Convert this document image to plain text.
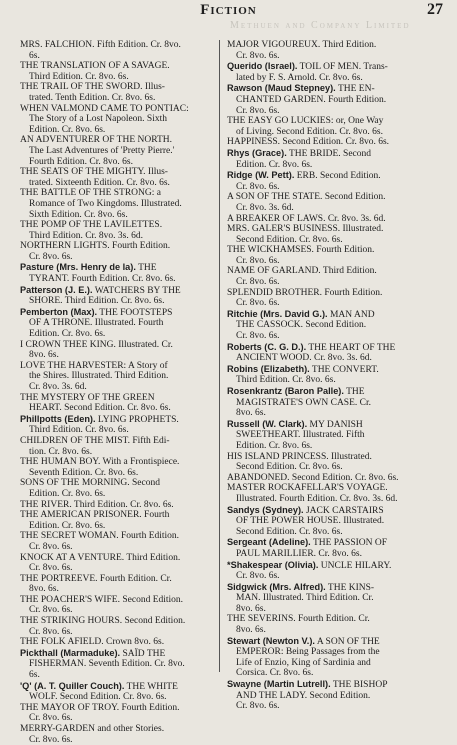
Methuen and Company Limited
Fiction	27
MRS. FALCHION. Fifth Edition. Cr. 8vo.
6s.
THE TRANSLATION OF A SAVAGE.
Third Edition. Cr. 8vo. 6s.
THE TRAIL OF THE SWORD. Illus-
trated. Tenth Edition. Cr. 8vo. 6s.
WHEN VALMOND CAME TO PONTIAC:
The Story of a Lost Napoleon. Sixth
Edition. Cr. 8vo. 6s.
AN ADVENTURER OF THE NORTH.
The Last Adventures of 'Pretty Pierre.'
Fourth Edition. Cr. 8vo. 6s.
THE SEATS OF THE MIGHTY. Illus-
trated. Sixteenth Edition. Cr. 8vo. 6s.
THE BATTLE OF THE STRONG: a
Romance of Two Kingdoms. Illustrated.
Sixth Edition. Cr. 8vo. 6s.
THE POMP OF THE LAVILETTES.
Third Edition. Cr. 8vo. 3s. 6d.
NORTHERN LIGHTS. Fourth Edition.
Cr. 8vo. 6s.
Pasture (Mrs. Henry de la). THE
TYRANT. Fourth Edition. Cr. 8vo. 6s.
Patterson (J. E.). WATCHERS BY THE
SHORE. Third Edition. Cr. 8vo. 6s.
Pemberton (Max). THE FOOTSTEPS
OF A THRONE. Illustrated. Fourth
Edition. Cr. 8vo. 6s.
I CROWN THEE KING. Illustrated. Cr.
8vo. 6s.
LOVE THE HARVESTER: A Story of
the Shires. Illustrated. Third Edition.
Cr. 8vo. 3s. 6d.
THE MYSTERY OF THE GREEN
HEART. Second Edition. Cr. 8vo. 6s.
Phillpotts (Eden). LYING PROPHETS.
Third Edition. Cr. 8vo. 6s.
CHILDREN OF THE MIST. Fifth Edi-
tion. Cr. 8vo. 6s.
THE HUMAN BOY. With a Frontispiece.
Seventh Edition. Cr. 8vo. 6s.
SONS OF THE MORNING. Second
Edition. Cr. 8vo. 6s.
THE RIVER. Third Edition. Cr. 8vo. 6s.
THE AMERICAN PRISONER. Fourth
Edition. Cr. 8vo. 6s.
THE SECRET WOMAN. Fourth Edition.
Cr. 8vo. 6s.
KNOCK AT A VENTURE. Third Edition.
Cr. 8vo. 6s.
THE PORTREEVE. Fourth Edition. Cr.
8vo. 6s.
THE POACHER'S WIFE. Second Edition.
Cr. 8vo. 6s.
THE STRIKING HOURS. Second Edition.
Cr. 8vo. 6s.
THE FOLK AFIELD. Crown 8vo. 6s.
Pickthall (Marmaduke). SAÏD THE
FISHERMAN. Seventh Edition. Cr. 8vo.
6s.
'Q' (A. T. Quiller Couch). THE WHITE
WOLF. Second Edition. Cr. 8vo. 6s.
THE MAYOR OF TROY. Fourth Edition.
Cr. 8vo. 6s.
MERRY-GARDEN and other Stories.
Cr. 8vo. 6s.
MAJOR VIGOUREUX. Third Edition.
Cr. 8vo. 6s.
Querido (Israel). TOIL OF MEN. Trans-
lated by F. S. Arnold. Cr. 8vo. 6s.
Rawson (Maud Stepney). THE EN-
CHANTED GARDEN. Fourth Edition.
Cr. 8vo. 6s.
THE EASY GO LUCKIES: or, One Way
of Living. Second Edition. Cr. 8vo. 6s.
HAPPINESS. Second Edition. Cr. 8vo. 6s.
Rhys (Grace). THE BRIDE. Second
Edition. Cr. 8vo. 6s.
Ridge (W. Pett). ERB. Second Edition.
Cr. 8vo. 6s.
A SON OF THE STATE. Second Edition.
Cr. 8vo. 3s. 6d.
A BREAKER OF LAWS. Cr. 8vo. 3s. 6d.
MRS. GALER'S BUSINESS. Illustrated.
Second Edition. Cr. 8vo. 6s.
THE WICKHAMSES. Fourth Edition.
Cr. 8vo. 6s.
NAME OF GARLAND. Third Edition.
Cr. 8vo. 6s.
SPLENDID BROTHER. Fourth Edition.
Cr. 8vo. 6s.
Ritchie (Mrs. David G.). MAN AND
THE CASSOCK. Second Edition.
Cr. 8vo. 6s.
Roberts (C. G. D.). THE HEART OF THE
ANCIENT WOOD. Cr. 8vo. 3s. 6d.
Robins (Elizabeth). THE CONVERT.
Third Edition. Cr. 8vo. 6s.
Rosenkrantz (Baron Palle). THE
MAGISTRATE'S OWN CASE. Cr.
8vo. 6s.
Russell (W. Clark). MY DANISH
SWEETHEART. Illustrated. Fifth
Edition. Cr. 8vo. 6s.
HIS ISLAND PRINCESS. Illustrated.
Second Edition. Cr. 8vo. 6s.
ABANDONED. Second Edition. Cr. 8vo. 6s.
MASTER ROCKAFELLAR'S VOYAGE.
Illustrated. Fourth Edition. Cr. 8vo. 3s. 6d.
Sandys (Sydney). JACK CARSTAIRS
OF THE POWER HOUSE. Illustrated.
Second Edition. Cr. 8vo. 6s.
Sergeant (Adeline). THE PASSION OF
PAUL MARILLIER. Cr. 8vo. 6s.
*Shakespear (Olivia). UNCLE HILARY.
Cr. 8vo. 6s.
Sidgwick (Mrs. Alfred). THE KINS-
MAN. Illustrated. Third Edition. Cr.
8vo. 6s.
THE SEVERINS. Fourth Edition. Cr.
8vo. 6s.
Stewart (Newton V.). A SON OF THE
EMPEROR: Being Passages from the
Life of Enzio, King of Sardinia and
Corsica. Cr. 8vo. 6s.
Swayne (Martin Lutrell). THE BISHOP
AND THE LADY. Second Edition.
Cr. 8vo. 6s.
